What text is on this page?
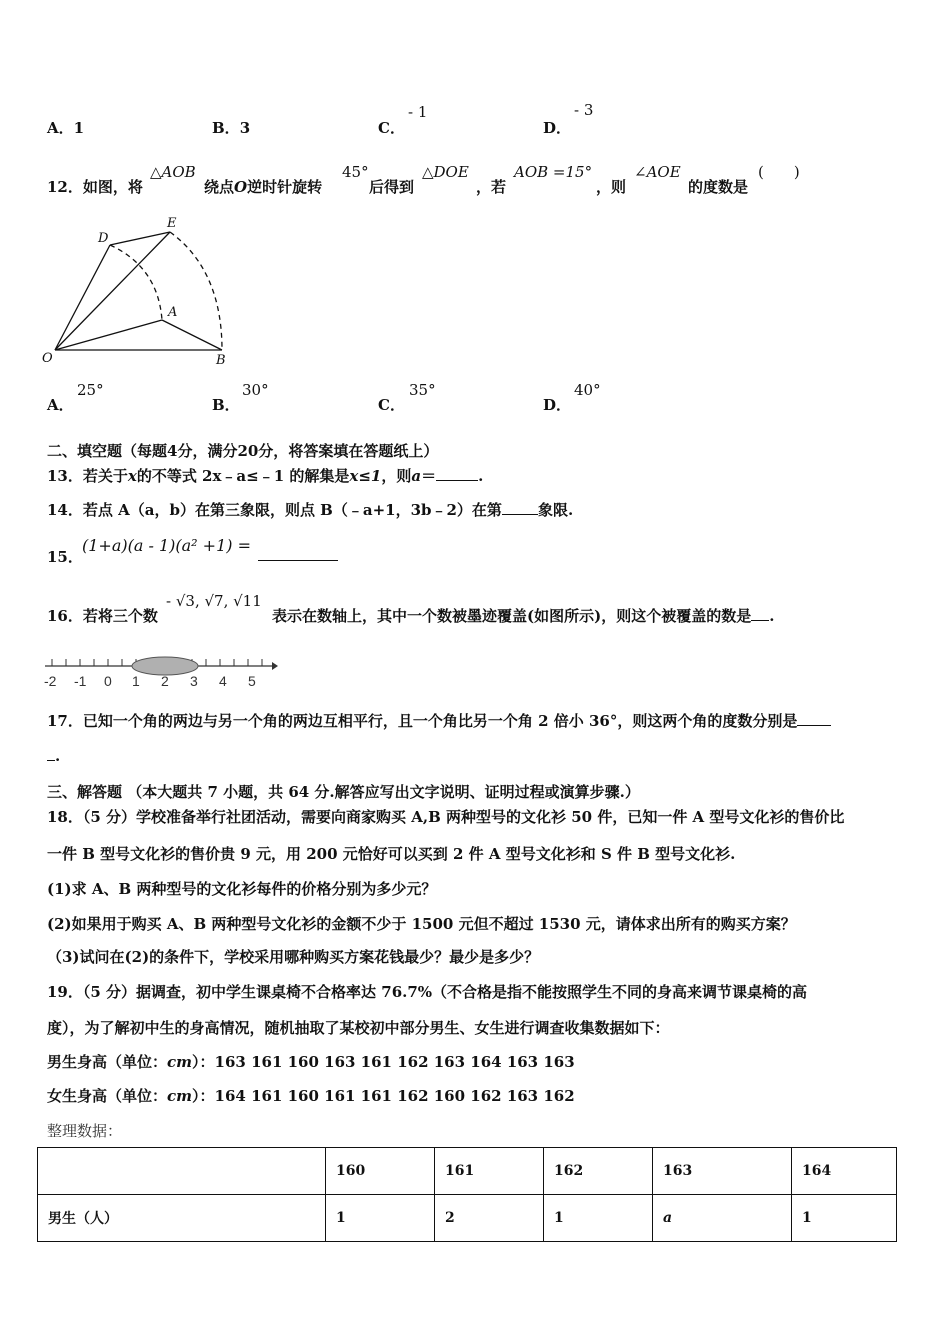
A．1	B．3	C．
- 1
D．
- 3
12．如图，将
△AOB
绕点O逆时针旋转
45°
后得到
△DOE
，若
AOB =15°
，则
∠AOE
的度数是
(　　)
D
E
A
O	B
A．
25°
B．
30°
C．
35°
D．
40°
二、填空题（每题4分，满分20分，将答案填在答题纸上）
13．若关于x的不等式 2x﹣a≤﹣1 的解集是x≤1，则a＝	.
14．若点 A（a，b）在第三象限，则点 B（﹣a+1，3b﹣2）在第 象限.
15．
(1+a)(a - 1)(a² +1) =
16．若将三个数
- √3, √7, √11
表示在数轴上，其中一个数被墨迹覆盖(如图所示)，则这个被覆盖的数是 .
-2 -1 0 1 2 3 4 5
17．已知一个角的两边与另一个角的两边互相平行，且一个角比另一个角 2 倍小 36°，则这两个角的度数分别是
.
三、解答题 （本大题共 7 小题，共 64 分.解答应写出文字说明、证明过程或演算步骤.）
18．（5 分）学校准备举行社团活动，需要向商家购买 A,B 两种型号的文化衫 50 件，已知一件 A 型号文化衫的售价比
一件 B 型号文化衫的售价贵 9 元，用 200 元恰好可以买到 2 件 A 型号文化衫和 S 件 B 型号文化衫.
(1)求 A、B 两种型号的文化衫每件的价格分别为多少元？
(2)如果用于购买 A、B 两种型号文化衫的金额不少于 1500 元但不超过 1530 元，请体求出所有的购买方案？
（3)试问在(2)的条件下，学校采用哪种购买方案花钱最少？最少是多少？
19．（5 分）据调查，初中学生课桌椅不合格率达 76.7%（不合格是指不能按照学生不同的身高来调节课桌椅的高
度），为了解初中生的身高情况，随机抽取了某校初中部分男生、女生进行调查收集数据如下：
男生身高（单位：cm）：163 161 160 163 161 162 163 164 163 163
女生身高（单位：cm）：164 161 160 161 161 162 160 162 163 162
整理数据：
	160	161	162	163	164
男生（人）	1	2	1	a	1
